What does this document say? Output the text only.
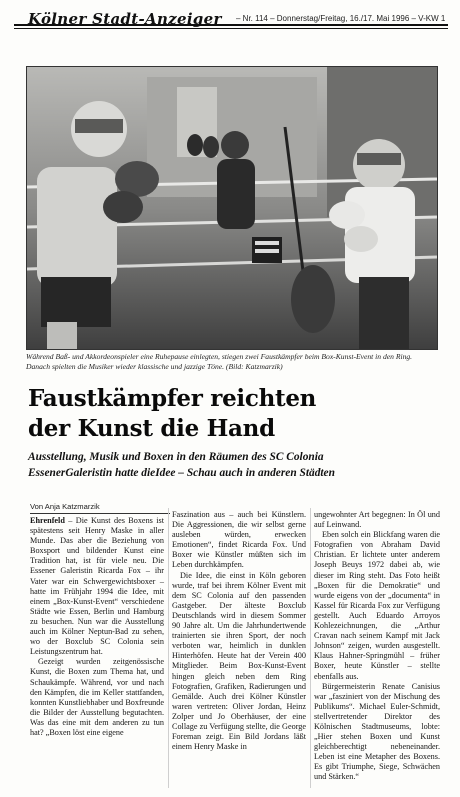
Kölner Stadt-Anzeiger	– Nr. 114 – Donnerstag/Freitag, 16./17. Mai 1996 – V-KW 1
Während Baß- und Akkordeonspieler eine Ruhepause einlegten, stiegen zwei Faustkämpfer beim Box-Kunst-Event in den Ring. Danach spielten die Musiker wieder klassische und jazzige Töne. (Bild: Katzmarzik)
Faustkämpfer reichten
der Kunst die Hand
Ausstellung, Musik und Boxen in den Räumen des SC Colonia
EssenerGaleristin hatte dieIdee – Schau auch in anderen Städten
Von Anja Katzmarzik

Ehrenfeld – Die Kunst des Boxens ist spätestens seit Henry Maske in aller Munde. Das aber die Beziehung von Boxsport und bildender Kunst eine Tradition hat, ist für viele neu. Die Essener Galeristin Ricarda Fox – ihr Vater war ein Schwergewichtsboxer – hatte im Frühjahr 1994 die Idee, mit einem „Box-Kunst-Event“ verschiedene Städte wie Essen, Berlin und Hamburg zu besuchen. Nun war die Ausstellung auch im Kölner Neptun-Bad zu sehen, wo der Boxclub SC Colonia sein Leistungszentrum hat.

Gezeigt wurden zeitgenössische Kunst, die Boxen zum Thema hat, und Schaukämpfe. Während, vor und nach den Kämpfen, die im Keller stattfanden, konnten Kunstliebhaber und Boxfreunde die Bilder der Ausstellung begutachten. Was das eine mit dem anderen zu tun hat? „Boxen löst eine eigene

Faszination aus – auch bei Künstlern. Die Aggressionen, die wir selbst gerne ausleben würden, erwecken Emotionen“, findet Ricarda Fox. Und Boxer wie Künstler müßten sich im Leben durchkämpfen.

Die Idee, die einst in Köln geboren wurde, traf bei ihrem Kölner Event mit dem SC Colonia auf den passenden Gastgeber. Der älteste Boxclub Deutschlands wird in diesem Sommer 90 Jahre alt. Um die Jahrhundertwende trainierten sie ihren Sport, der noch verboten war, heimlich in dunklen Hinterhöfen. Heute hat der Verein 400 Mitglieder. Beim Box-Kunst-Event hingen gleich neben dem Ring Fotografien, Grafiken, Radierungen und Gemälde. Auch drei Kölner Künstler waren vertreten: Oliver Jordan, Heinz Zolper und Jo Oberhäuser, der eine Collage zu Verfügung stellte, die George Foreman zeigt. Ein Bild Jordans läßt einem Henry Maske in

ungewohnter Art begegnen: In Öl und auf Leinwand.

Eben solch ein Blickfang waren die Fotografien von Abraham David Christian. Er lichtete unter anderem Joseph Beuys 1972 dabei ab, wie dieser im Ring steht. Das Foto heißt „Boxen für die Demokratie“ und wurde eigens von der „documenta“ in Kassel für Ricarda Fox zur Verfügung gestellt. Auch Eduardo Arroyos Kohlezeichnungen, die „Arthur Cravan nach seinem Kampf mit Jack Johnson“ zeigen, wurden ausgestellt. Klaus Hahner-Springmühl – früher Boxer, heute Künstler – stellte ebenfalls aus.

Bürgermeisterin Renate Canisius war „fasziniert von der Mischung des Publikums“. Michael Euler-Schmidt, stellvertretender Direktor des Kölnischen Stadtmuseums, lobte: „Hier stehen Boxen und Kunst gleichberechtigt nebeneinander. Leben ist eine Metapher des Boxens. Es gibt Triumphe, Siege, Schwächen und Stärken.“
